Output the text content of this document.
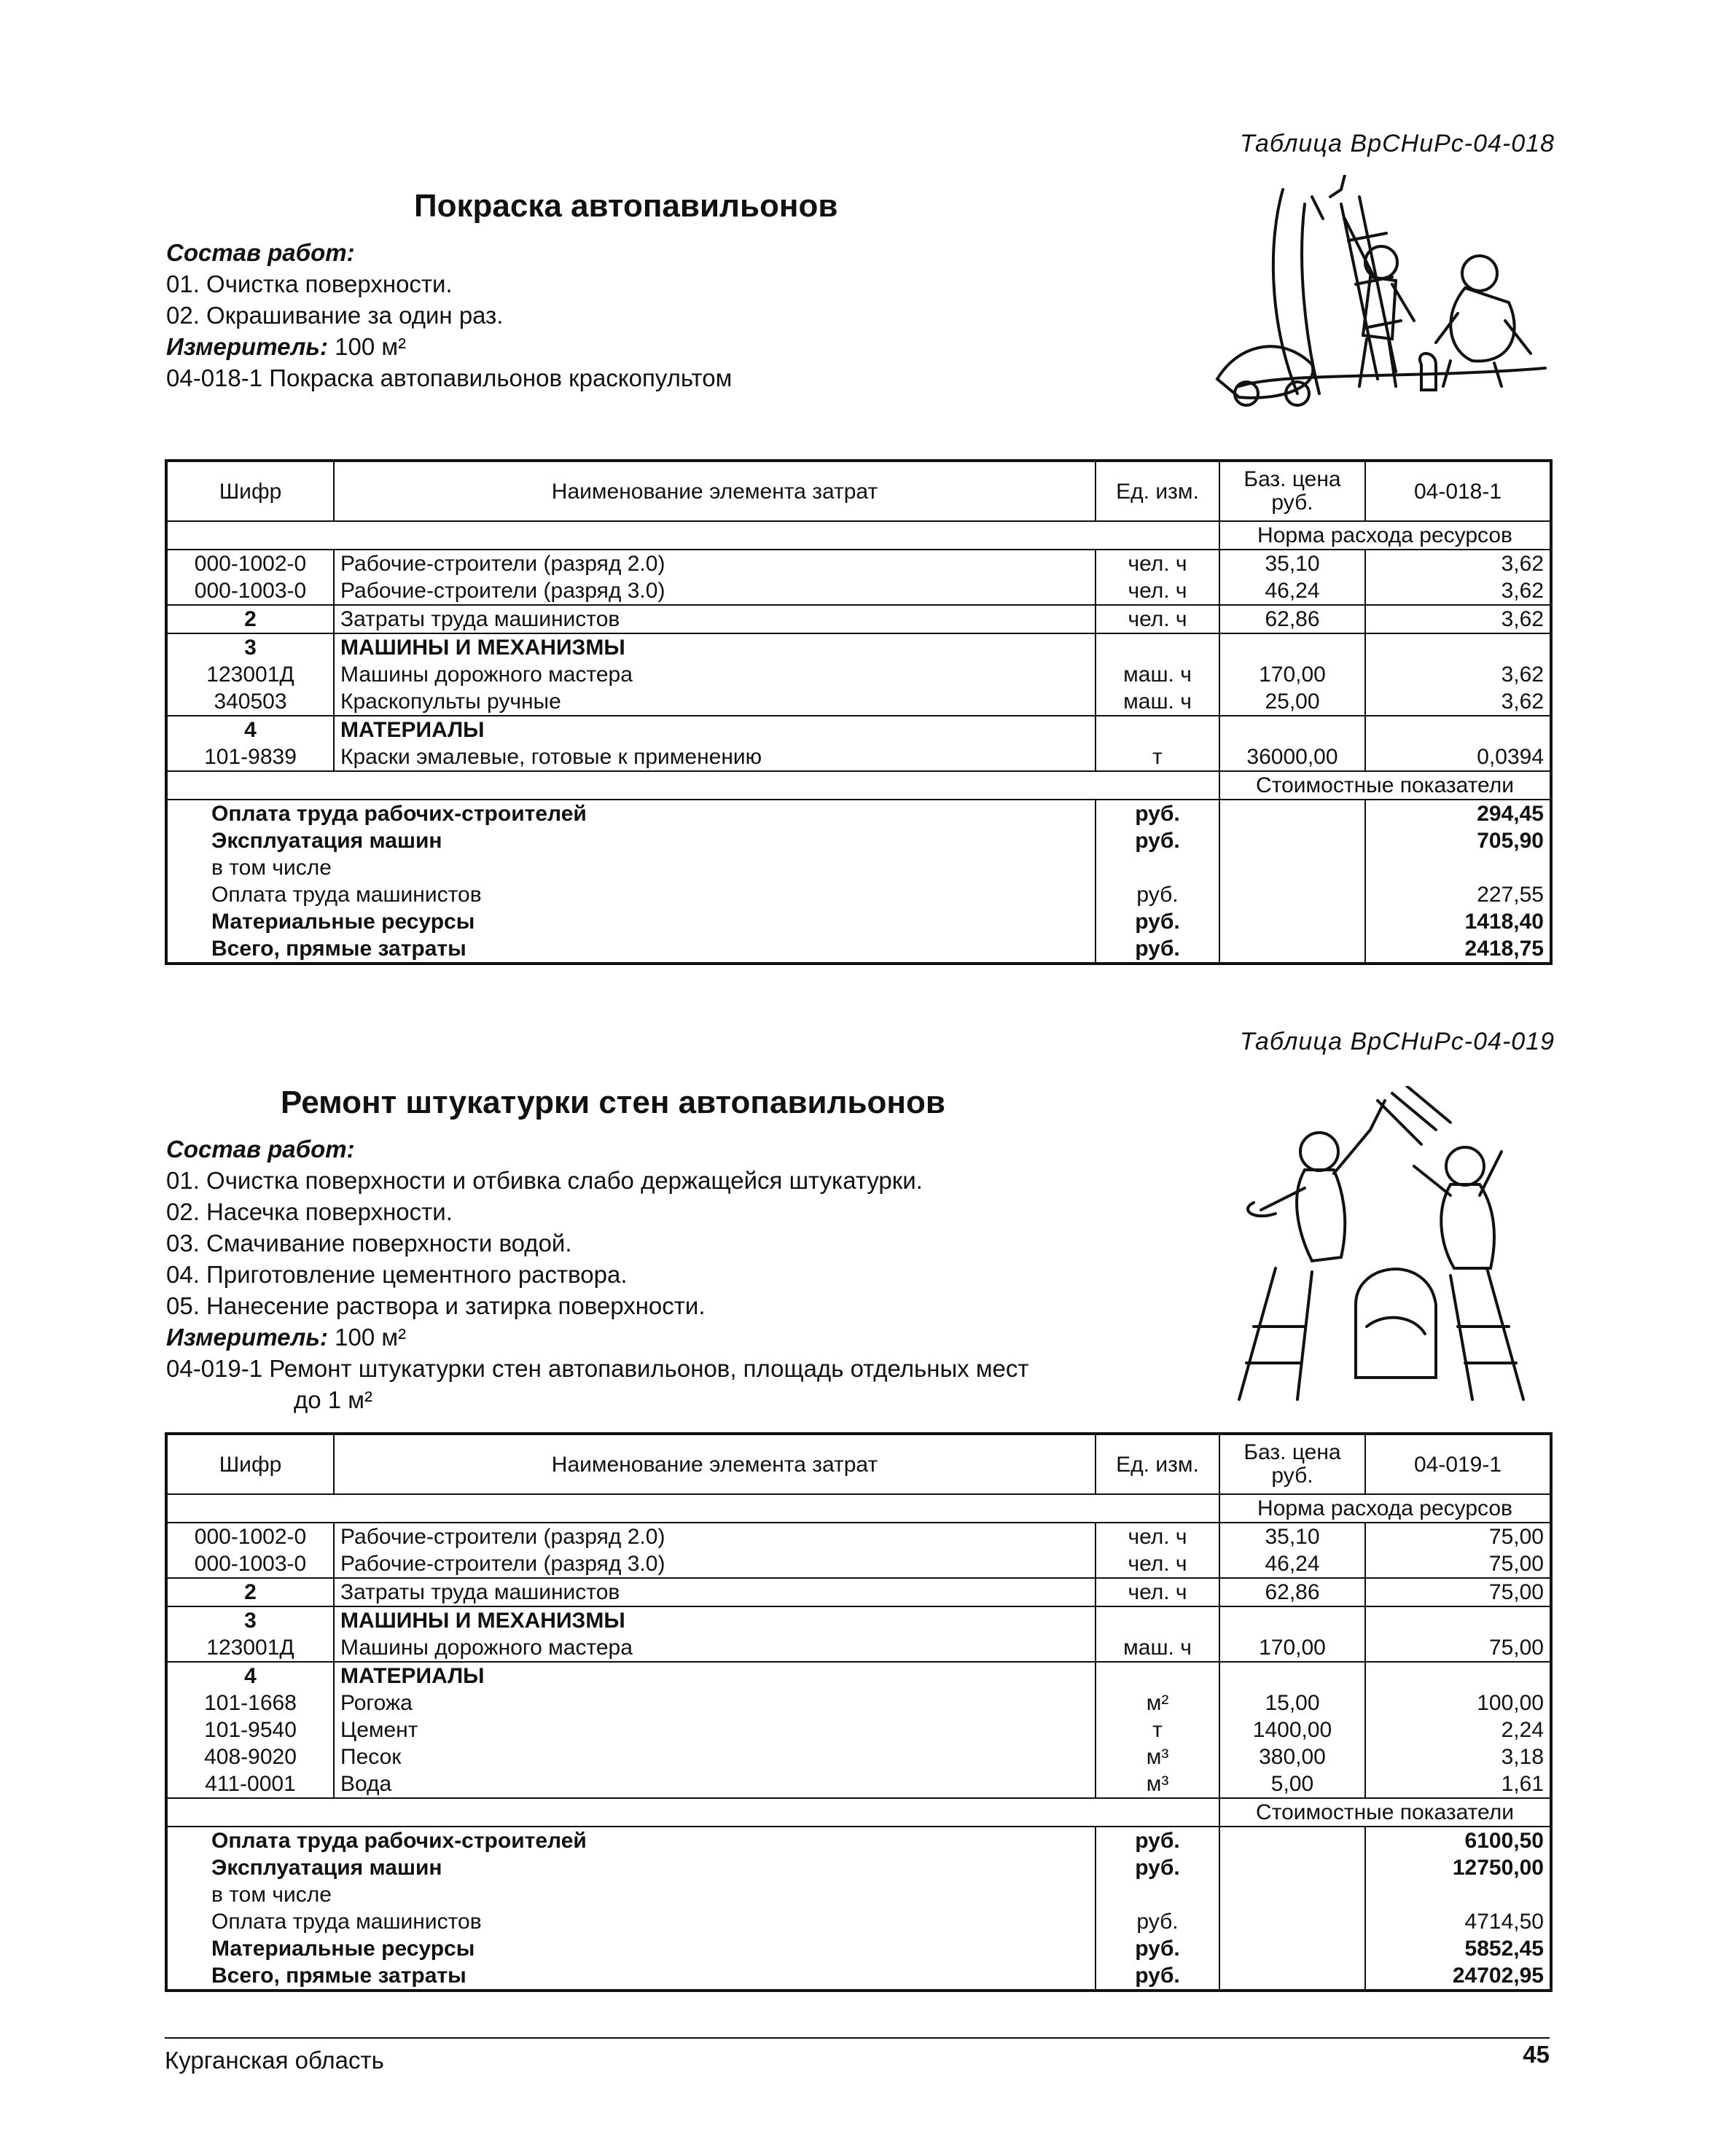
Таблица ВрСНиРс-04-018
Покраска автопавильонов
Состав работ:
01. Очистка поверхности.
02. Окрашивание за один раз.
Измеритель: 100 м²
04-018-1 Покраска автопавильонов краскопультом
Шифр	Наименование элемента затрат	Ед. изм.	Баз. цена руб.	04-018-1
			Норма расхода ресурсов	
000-1002-0	Рабочие-строители (разряд 2.0)	чел. ч	35,10	3,62
000-1003-0	Рабочие-строители (разряд 3.0)	чел. ч	46,24	3,62
2	Затраты труда машинистов	чел. ч	62,86	3,62
3	МАШИНЫ И МЕХАНИЗМЫ			
123001Д	Машины дорожного мастера	маш. ч	170,00	3,62
340503	Краскопульты ручные	маш. ч	25,00	3,62
4	МАТЕРИАЛЫ			
101-9839	Краски эмалевые, готовые к применению	т	36000,00	0,0394
			Стоимостные показатели	
Оплата труда рабочих-строителей		руб.		294,45
Эксплуатация машин		руб.		705,90
в том числе				
Оплата труда машинистов		руб.		227,55
Материальные ресурсы		руб.		1418,40
Всего, прямые затраты		руб.		2418,75
Таблица ВрСНиРс-04-019
Ремонт штукатурки стен автопавильонов
Состав работ:
01. Очистка поверхности и отбивка слабо держащейся штукатурки.
02. Насечка поверхности.
03. Смачивание поверхности водой.
04. Приготовление цементного раствора.
05. Нанесение раствора и затирка поверхности.
Измеритель: 100 м²
04-019-1 Ремонт штукатурки стен автопавильонов, площадь отдельных мест
до 1 м²
Шифр	Наименование элемента затрат	Ед. изм.	Баз. цена руб.	04-019-1
			Норма расхода ресурсов	
000-1002-0	Рабочие-строители (разряд 2.0)	чел. ч	35,10	75,00
000-1003-0	Рабочие-строители (разряд 3.0)	чел. ч	46,24	75,00
2	Затраты труда машинистов	чел. ч	62,86	75,00
3	МАШИНЫ И МЕХАНИЗМЫ			
123001Д	Машины дорожного мастера	маш. ч	170,00	75,00
4	МАТЕРИАЛЫ			
101-1668	Рогожа	м²	15,00	100,00
101-9540	Цемент	т	1400,00	2,24
408-9020	Песок	м³	380,00	3,18
411-0001	Вода	м³	5,00	1,61
			Стоимостные показатели	
Оплата труда рабочих-строителей		руб.		6100,50
Эксплуатация машин		руб.		12750,00
в том числе				
Оплата труда машинистов		руб.		4714,50
Материальные ресурсы		руб.		5852,45
Всего, прямые затраты		руб.		24702,95
Курганская область	45
